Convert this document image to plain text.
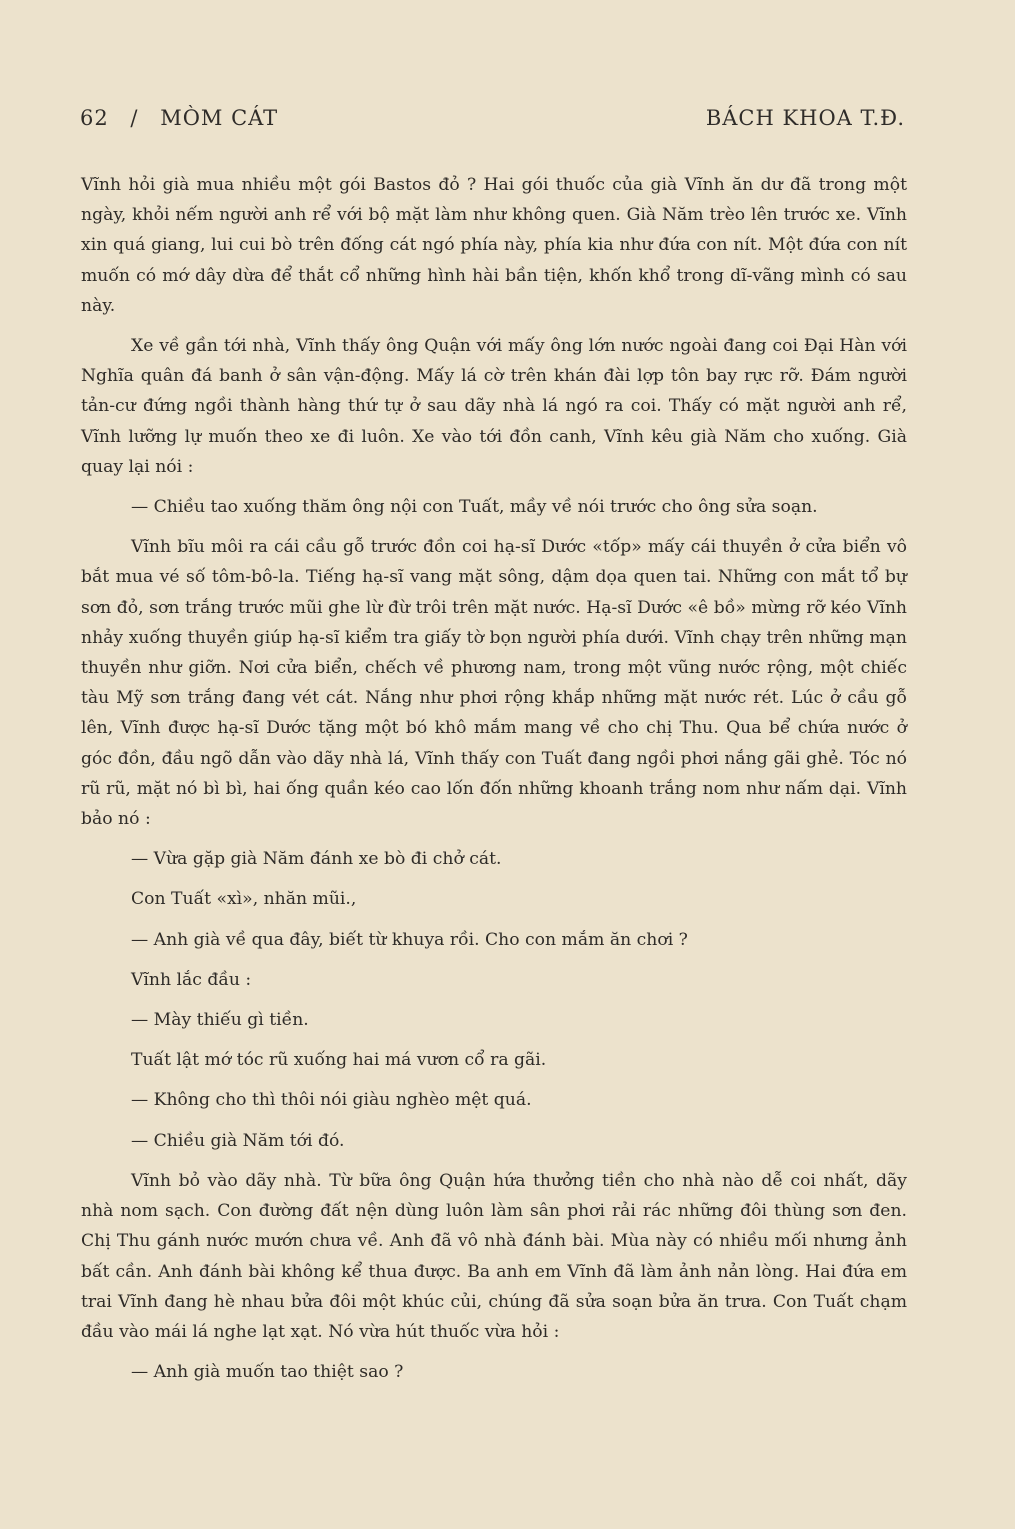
62 / MÒM CÁT	BÁCH KHOA T.Đ.

Vĩnh hỏi già mua nhiều một gói Bastos đỏ ? Hai gói thuốc của già Vĩnh ăn dư đã trong một ngày, khỏi nếm người anh rể với bộ mặt làm như không quen. Già Năm trèo lên trước xe. Vĩnh xin quá giang, lui cui bò trên đống cát ngó phía này, phía kia như đứa con nít. Một đứa con nít muốn có mớ dây dừa để thắt cổ những hình hài bần tiện, khốn khổ trong dĩ-vãng mình có sau này.

Xe về gần tới nhà, Vĩnh thấy ông Quận với mấy ông lớn nước ngoài đang coi Đại Hàn với Nghĩa quân đá banh ở sân vận-động. Mấy lá cờ trên khán đài lợp tôn bay rực rỡ. Đám người tản-cư đứng ngồi thành hàng thứ tự ở sau dãy nhà lá ngó ra coi. Thấy có mặt người anh rể, Vĩnh lưỡng lự muốn theo xe đi luôn. Xe vào tới đồn canh, Vĩnh kêu già Năm cho xuống. Già quay lại nói :

— Chiều tao xuống thăm ông nội con Tuất, mầy về nói trước cho ông sửa soạn.

Vĩnh bĩu môi ra cái cầu gỗ trước đồn coi hạ-sĩ Dước «tốp» mấy cái thuyền ở cửa biển vô bắt mua vé số tôm-bô-la. Tiếng hạ-sĩ vang mặt sông, dậm dọa quen tai. Những con mắt tổ bự sơn đỏ, sơn trắng trước mũi ghe lừ đừ trôi trên mặt nước. Hạ-sĩ Dước «ê bồ» mừng rỡ kéo Vĩnh nhảy xuống thuyền giúp hạ-sĩ kiểm tra giấy tờ bọn người phía dưới. Vĩnh chạy trên những mạn thuyền như giỡn. Nơi cửa biển, chếch về phương nam, trong một vũng nước rộng, một chiếc tàu Mỹ sơn trắng đang vét cát. Nắng như phơi rộng khắp những mặt nước rét. Lúc ở cầu gỗ lên, Vĩnh được hạ-sĩ Dước tặng một bó khô mắm mang về cho chị Thu. Qua bể chứa nước ở góc đồn, đầu ngõ dẫn vào dãy nhà lá, Vĩnh thấy con Tuất đang ngồi phơi nắng gãi ghẻ. Tóc nó rũ rũ, mặt nó bì bì, hai ống quần kéo cao lốn đốn những khoanh trắng nom như nấm dại. Vĩnh bảo nó :

— Vừa gặp già Năm đánh xe bò đi chở cát.

Con Tuất «xì», nhăn mũi.,

— Anh già về qua đây, biết từ khuya rồi. Cho con mắm ăn chơi ?

Vĩnh lắc đầu :

— Mày thiếu gì tiền.

Tuất lật mớ tóc rũ xuống hai má vươn cổ ra gãi.

— Không cho thì thôi nói giàu nghèo mệt quá.

— Chiều già Năm tới đó.

Vĩnh bỏ vào dãy nhà. Từ bữa ông Quận hứa thưởng tiền cho nhà nào dễ coi nhất, dãy nhà nom sạch. Con đường đất nện dùng luôn làm sân phơi rải rác những đôi thùng sơn đen. Chị Thu gánh nước mướn chưa về. Anh đã vô nhà đánh bài. Mùa này có nhiều mối nhưng ảnh bất cần. Anh đánh bài không kể thua được. Ba anh em Vĩnh đã làm ảnh nản lòng. Hai đứa em trai Vĩnh đang hè nhau bửa đôi một khúc củi, chúng đã sửa soạn bửa ăn trưa. Con Tuất chạm đầu vào mái lá nghe lạt xạt. Nó vừa hút thuốc vừa hỏi :

— Anh già muốn tao thiệt sao ?
